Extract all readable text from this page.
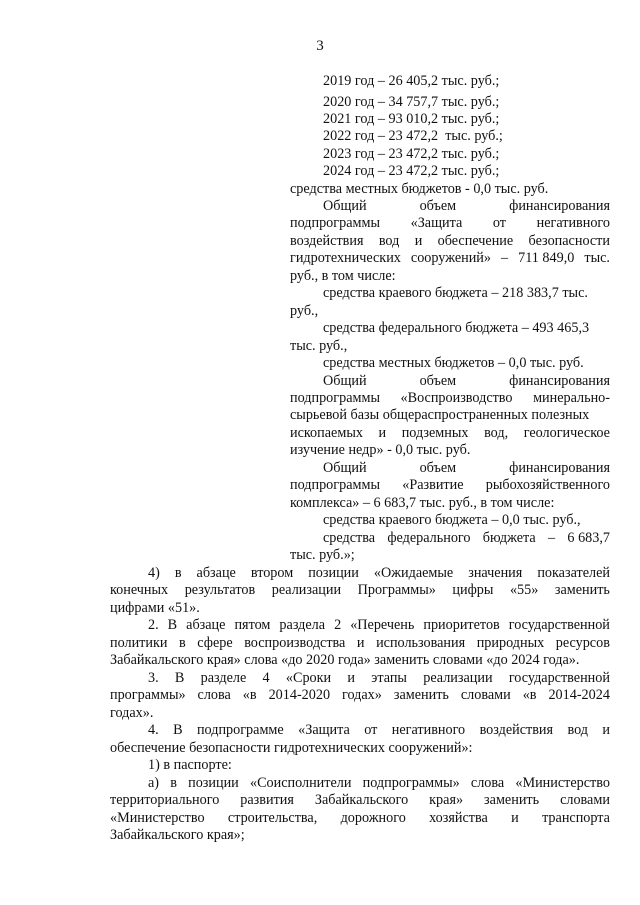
3
2019 год – 26 405,2 тыс. руб.;
2020 год – 34 757,7 тыс. руб.;
2021 год – 93 010,2 тыс. руб.;
2022 год – 23 472,2  тыс. руб.;
2023 год – 23 472,2 тыс. руб.;
2024 год – 23 472,2 тыс. руб.;
средства местных бюджетов - 0,0 тыс. руб.
Общий	объем	финансирования
подпрограммы «Защита от негативного
воздействия вод и обеспечение безопасности
гидротехнических сооружений» – 711 849,0 тыс.
руб., в том числе:
средства краевого бюджета – 218 383,7 тыс.
руб.,
средства федерального бюджета – 493 465,3
тыс. руб.,
средства местных бюджетов – 0,0 тыс. руб.
Общий	объем	финансирования
подпрограммы «Воспроизводство минерально-
сырьевой базы общераспространенных полезных
ископаемых и подземных вод, геологическое
изучение недр» - 0,0 тыс. руб.
Общий	объем	финансирования
подпрограммы «Развитие рыбохозяйственного
комплекса» – 6 683,7 тыс. руб., в том числе:
средства краевого бюджета – 0,0 тыс. руб.,
средства федерального бюджета – 6 683,7
тыс. руб.»;
4) в абзаце втором позиции «Ожидаемые значения показателей
конечных результатов реализации Программы» цифры «55» заменить
цифрами «51».
2. В абзаце пятом раздела 2 «Перечень приоритетов государственной
политики в сфере воспроизводства и использования природных ресурсов
Забайкальского края» слова «до 2020 года» заменить словами «до 2024 года».
3. В разделе 4 «Сроки и этапы реализации государственной
программы» слова «в 2014-2020 годах» заменить словами «в 2014-2024
годах».
4. В подпрограмме «Защита от негативного воздействия вод и
обеспечение безопасности гидротехнических сооружений»:
1) в паспорте:
а) в позиции «Соисполнители подпрограммы» слова «Министерство
территориального развития Забайкальского края» заменить словами
«Министерство строительства, дорожного хозяйства и транспорта
Забайкальского края»;
